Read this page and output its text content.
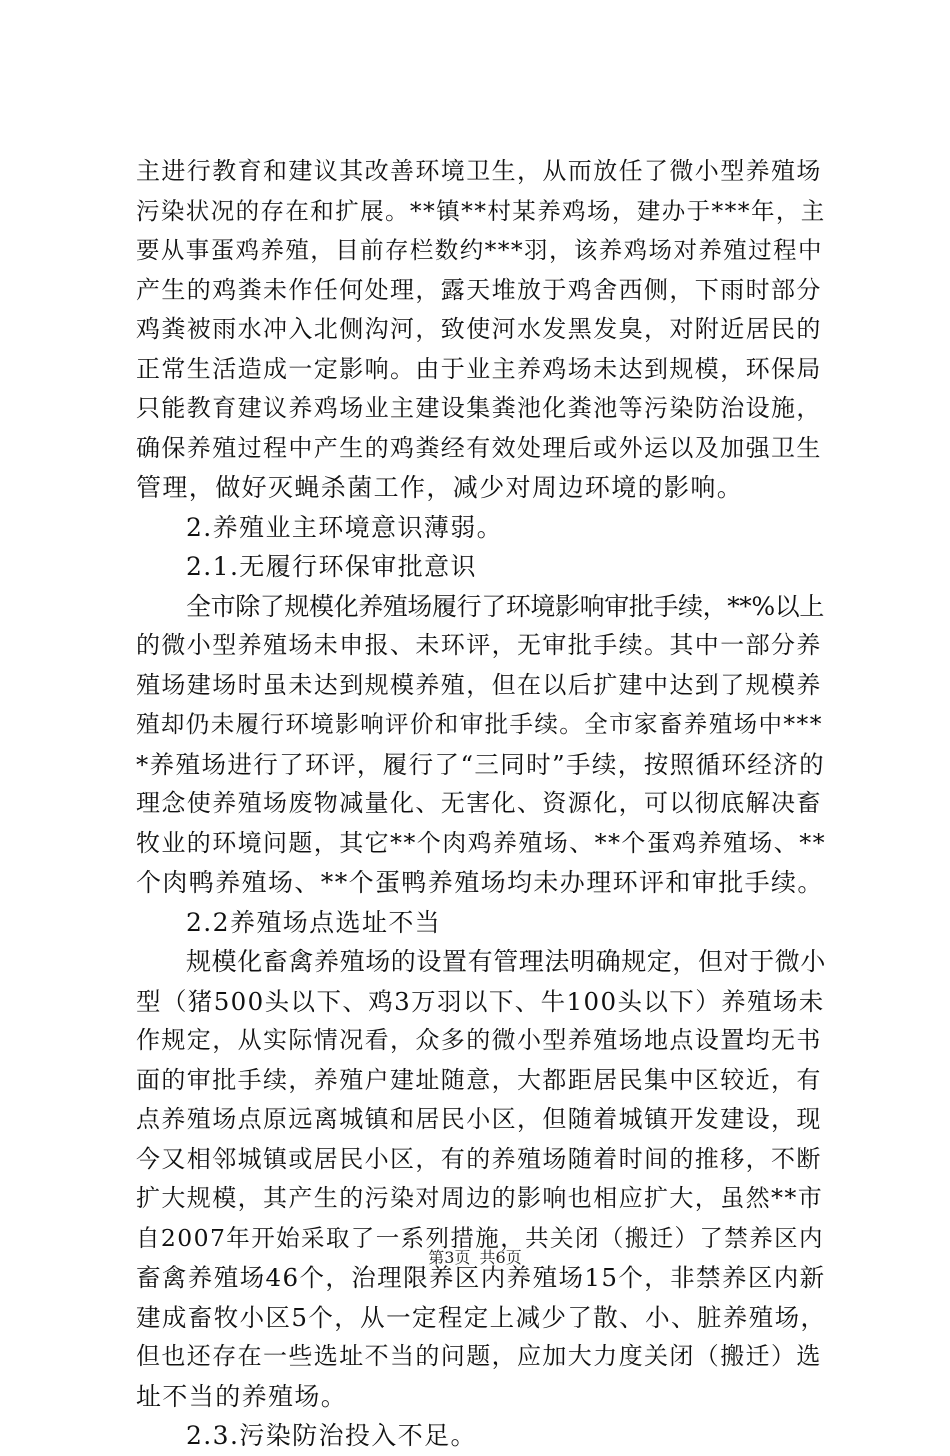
主进行教育和建议其改善环境卫生，从而放任了微小型养殖场
污染状况的存在和扩展。**镇**村某养鸡场，建办于***年，主
要从事蛋鸡养殖，目前存栏数约***羽，该养鸡场对养殖过程中
产生的鸡粪未作任何处理，露天堆放于鸡舍西侧，下雨时部分
鸡粪被雨水冲入北侧沟河，致使河水发黑发臭，对附近居民的
正常生活造成一定影响。由于业主养鸡场未达到规模，环保局
只能教育建议养鸡场业主建设集粪池化粪池等污染防治设施，
确保养殖过程中产生的鸡粪经有效处理后或外运以及加强卫生
管理，做好灭蝇杀菌工作，减少对周边环境的影响。
2.养殖业主环境意识薄弱。
2.1.无履行环保审批意识
全市除了规模化养殖场履行了环境影响审批手续，**%以上
的微小型养殖场未申报、未环评，无审批手续。其中一部分养
殖场建场时虽未达到规模养殖，但在以后扩建中达到了规模养
殖却仍未履行环境影响评价和审批手续。全市家畜养殖场中***
*养殖场进行了环评，履行了“三同时”手续，按照循环经济的
理念使养殖场废物减量化、无害化、资源化，可以彻底解决畜
牧业的环境问题，其它**个肉鸡养殖场、**个蛋鸡养殖场、**
个肉鸭养殖场、**个蛋鸭养殖场均未办理环评和审批手续。
2.2养殖场点选址不当
规模化畜禽养殖场的设置有管理法明确规定，但对于微小
型（猪500头以下、鸡3万羽以下、牛100头以下）养殖场未
作规定，从实际情况看，众多的微小型养殖场地点设置均无书
面的审批手续，养殖户建址随意，大都距居民集中区较近，有
点养殖场点原远离城镇和居民小区，但随着城镇开发建设，现
今又相邻城镇或居民小区，有的养殖场随着时间的推移，不断
扩大规模，其产生的污染对周边的影响也相应扩大，虽然**市
自2007年开始采取了一系列措施，共关闭（搬迁）了禁养区内
畜禽养殖场46个，治理限养区内养殖场15个，非禁养区内新
建成畜牧小区5个，从一定程定上减少了散、小、脏养殖场，
但也还存在一些选址不当的问题，应加大力度关闭（搬迁）选
址不当的养殖场。
2.3.污染防治投入不足。
第3页 共6页
